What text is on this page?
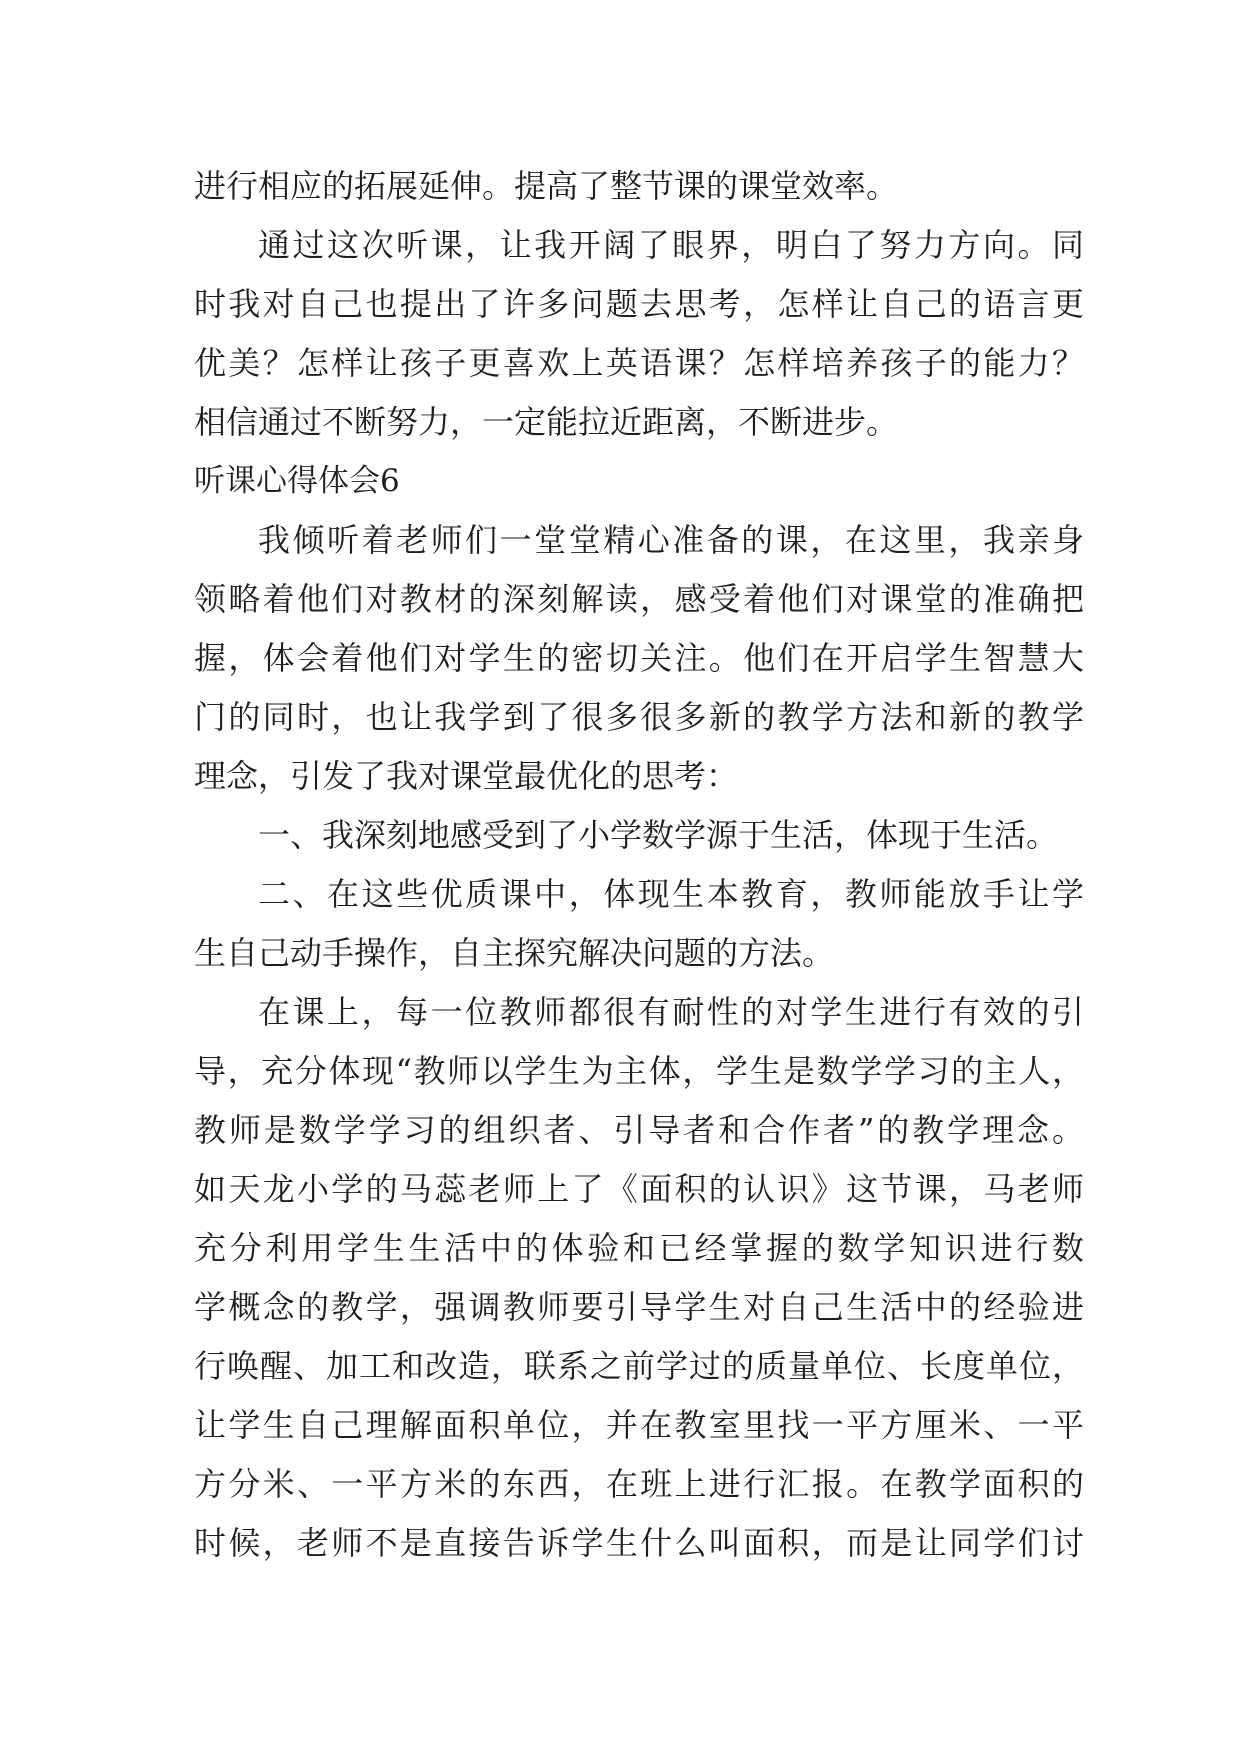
进行相应的拓展延伸。提高了整节课的课堂效率。
通过这次听课，让我开阔了眼界，明白了努力方向。同
时我对自己也提出了许多问题去思考，怎样让自己的语言更
优美？怎样让孩子更喜欢上英语课？怎样培养孩子的能力？
相信通过不断努力，一定能拉近距离，不断进步。
听课心得体会6
我倾听着老师们一堂堂精心准备的课，在这里，我亲身
领略着他们对教材的深刻解读，感受着他们对课堂的准确把
握，体会着他们对学生的密切关注。他们在开启学生智慧大
门的同时，也让我学到了很多很多新的教学方法和新的教学
理念，引发了我对课堂最优化的思考：
一、我深刻地感受到了小学数学源于生活，体现于生活。
二、在这些优质课中，体现生本教育，教师能放手让学
生自己动手操作，自主探究解决问题的方法。
在课上，每一位教师都很有耐性的对学生进行有效的引
导，充分体现“教师以学生为主体，学生是数学学习的主人，
教师是数学学习的组织者、引导者和合作者”的教学理念。
如天龙小学的马蕊老师上了《面积的认识》这节课，马老师
充分利用学生生活中的体验和已经掌握的数学知识进行数
学概念的教学，强调教师要引导学生对自己生活中的经验进
行唤醒、加工和改造，联系之前学过的质量单位、长度单位，
让学生自己理解面积单位，并在教室里找一平方厘米、一平
方分米、一平方米的东西，在班上进行汇报。在教学面积的
时候，老师不是直接告诉学生什么叫面积，而是让同学们讨
